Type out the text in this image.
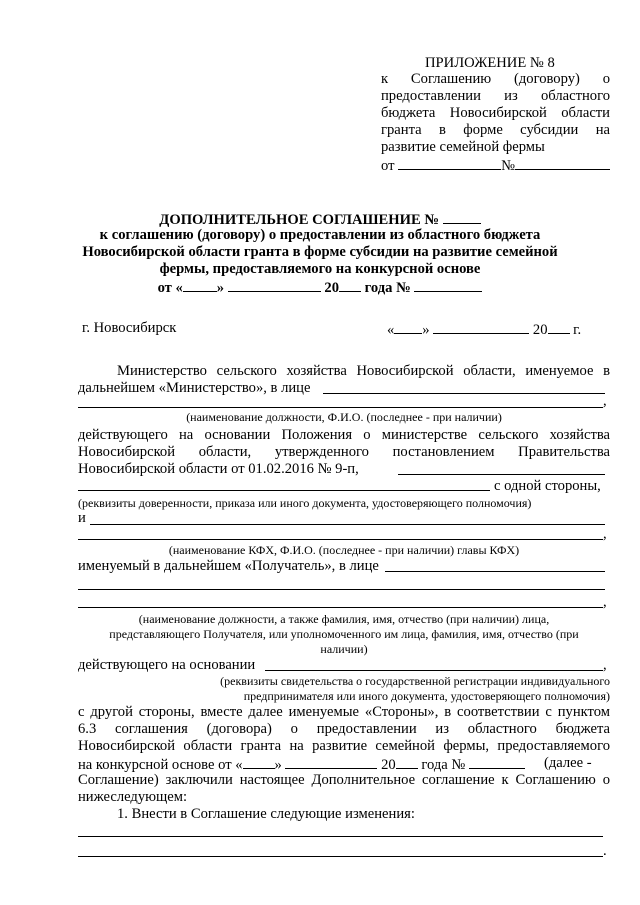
ПРИЛОЖЕНИЕ № 8
к Соглашению (договору) о
предоставлении из областного
бюджета Новосибирской области
гранта в форме субсидии на
развитие семейной фермы
от	№
ДОПОЛНИТЕЛЬНОЕ СОГЛАШЕНИЕ №
к соглашению (договору) о предоставлении из областного бюджета
Новосибирской области гранта в форме субсидии на развитие семейной
фермы, предоставляемого на конкурсной основе
от « »	20 года №
г. Новосибирск	« »	20 г.
Министерство сельского хозяйства Новосибирской области, именуемое в
дальнейшем «Министерство», в лице
,
(наименование должности, Ф.И.О. (последнее - при наличии)
действующего на основании Положения о министерстве сельского хозяйства
Новосибирской области, утвержденного постановлением Правительства
Новосибирской области от 01.02.2016 № 9-п,
с одной стороны,
(реквизиты доверенности, приказа или иного документа, удостоверяющего полномочия)
и
,
(наименование КФХ, Ф.И.О. (последнее - при наличии) главы КФХ)
именуемый в дальнейшем «Получатель», в лице
,
(наименование должности, а также фамилия, имя, отчество (при наличии) лица,
представляющего Получателя, или уполномоченного им лица, фамилия, имя, отчество (при
наличии)
действующего на основании	,
(реквизиты свидетельства о государственной регистрации индивидуального
предпринимателя или иного документа, удостоверяющего полномочия)
с другой стороны, вместе далее именуемые «Стороны», в соответствии с пунктом
6.3 соглашения (договора) о предоставлении из областного бюджета
Новосибирской области гранта на развитие семейной фермы, предоставляемого
на конкурсной основе от « »	20 года №	(далее -
Соглашение) заключили настоящее Дополнительное соглашение к Соглашению о
нижеследующем:
1. Внести в Соглашение следующие изменения:
.
